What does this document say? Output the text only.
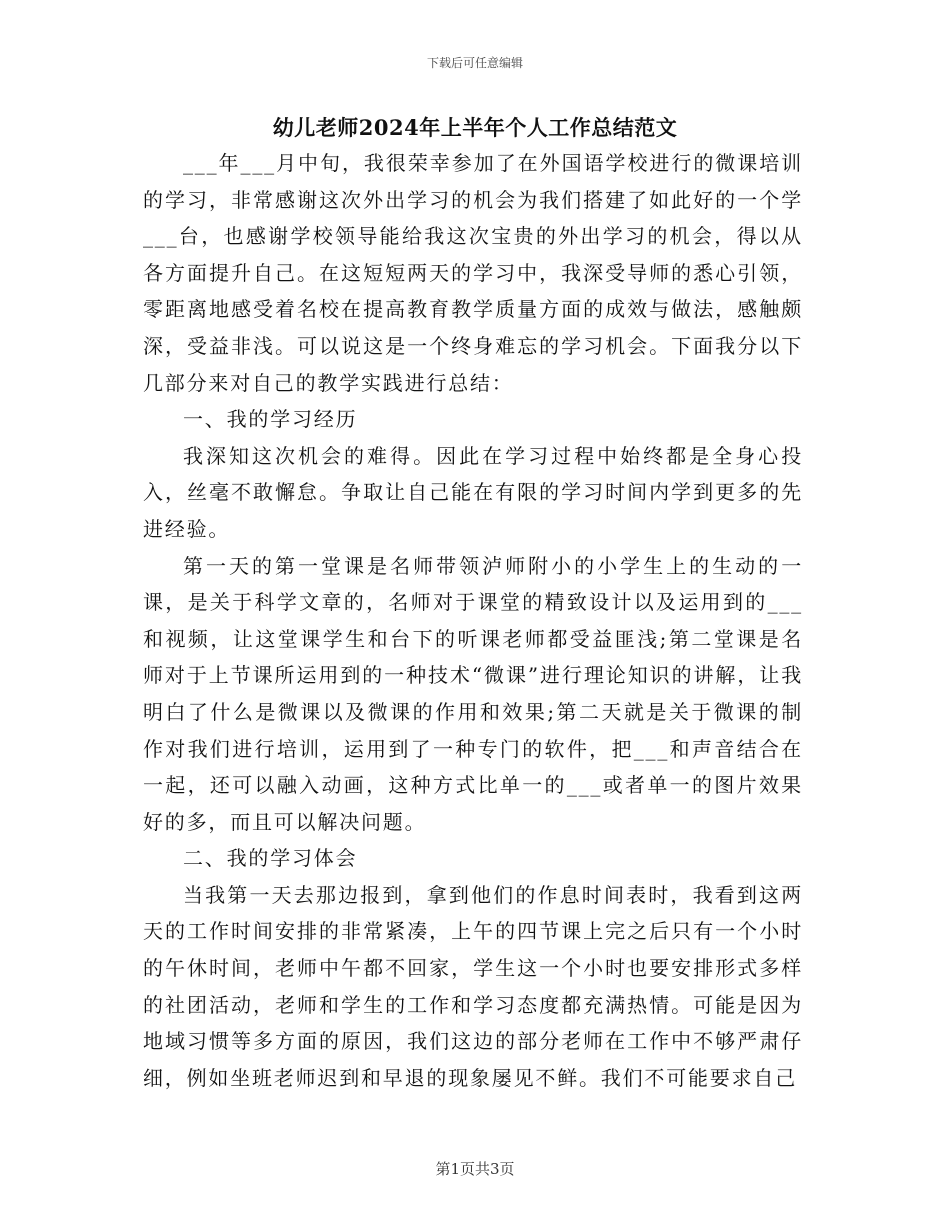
下载后可任意编辑
幼儿老师2024年上半年个人工作总结范文

___年___月中旬，我很荣幸参加了在外国语学校进行的微课培训的学习，非常感谢这次外出学习的机会为我们搭建了如此好的一个学___台，也感谢学校领导能给我这次宝贵的外出学习的机会，得以从各方面提升自己。在这短短两天的学习中，我深受导师的悉心引领，零距离地感受着名校在提高教育教学质量方面的成效与做法，感触颇深，受益非浅。可以说这是一个终身难忘的学习机会。下面我分以下几部分来对自己的教学实践进行总结：

一、我的学习经历

我深知这次机会的难得。因此在学习过程中始终都是全身心投入，丝毫不敢懈怠。争取让自己能在有限的学习时间内学到更多的先进经验。

第一天的第一堂课是名师带领泸师附小的小学生上的生动的一课，是关于科学文章的，名师对于课堂的精致设计以及运用到的___和视频，让这堂课学生和台下的听课老师都受益匪浅;第二堂课是名师对于上节课所运用到的一种技术“微课”进行理论知识的讲解，让我明白了什么是微课以及微课的作用和效果;第二天就是关于微课的制作对我们进行培训，运用到了一种专门的软件，把___和声音结合在一起，还可以融入动画，这种方式比单一的___或者单一的图片效果好的多，而且可以解决问题。

二、我的学习体会

当我第一天去那边报到，拿到他们的作息时间表时，我看到这两天的工作时间安排的非常紧凑，上午的四节课上完之后只有一个小时的午休时间，老师中午都不回家，学生这一个小时也要安排形式多样的社团活动，老师和学生的工作和学习态度都充满热情。可能是因为地域习惯等多方面的原因，我们这边的部分老师在工作中不够严肃仔细，例如坐班老师迟到和早退的现象屡见不鲜。我们不可能要求自己

第1页共3页
